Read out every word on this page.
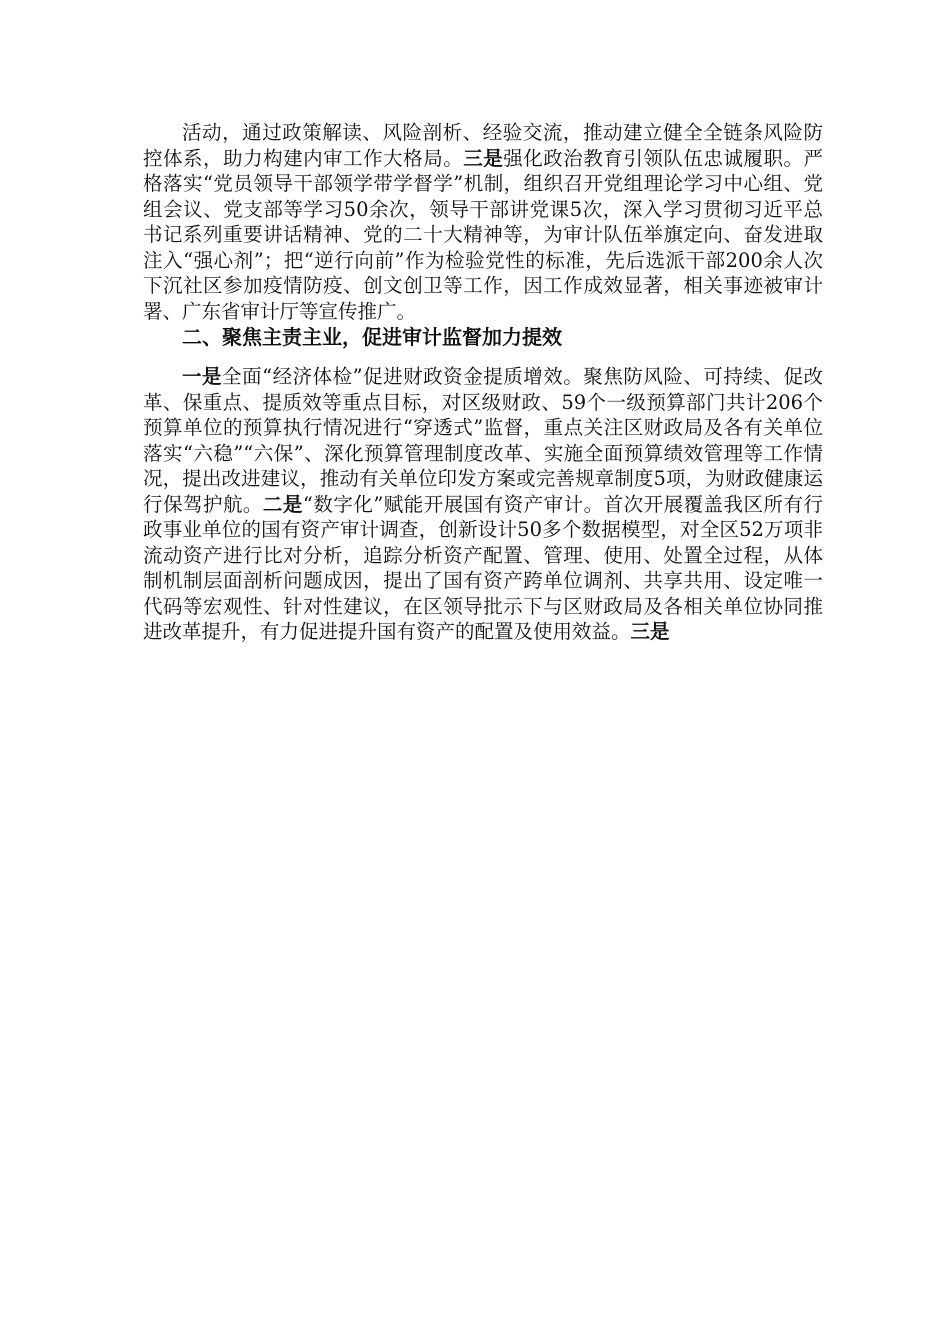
活动，通过政策解读、风险剖析、经验交流，推动建立健全全链条风险防控体系，助力构建内审工作大格局。三是强化政治教育引领队伍忠诚履职。严格落实“党员领导干部领学带学督学”机制，组织召开党组理论学习中心组、党组会议、党支部等学习50余次，领导干部讲党课5次，深入学习贯彻习近平总书记系列重要讲话精神、党的二十大精神等，为审计队伍举旗定向、奋发进取注入“强心剂”；把“逆行向前”作为检验党性的标准，先后选派干部200余人次下沉社区参加疫情防疫、创文创卫等工作，因工作成效显著，相关事迹被审计署、广东省审计厅等宣传推广。

二、聚焦主责主业，促进审计监督加力提效

一是全面“经济体检”促进财政资金提质增效。聚焦防风险、可持续、促改革、保重点、提质效等重点目标，对区级财政、59个一级预算部门共计206个预算单位的预算执行情况进行“穿透式”监督，重点关注区财政局及各有关单位落实“六稳”“六保”、深化预算管理制度改革、实施全面预算绩效管理等工作情况，提出改进建议，推动有关单位印发方案或完善规章制度5项，为财政健康运行保驾护航。二是“数字化”赋能开展国有资产审计。首次开展覆盖我区所有行政事业单位的国有资产审计调查，创新设计50多个数据模型，对全区52万项非流动资产进行比对分析，追踪分析资产配置、管理、使用、处置全过程，从体制机制层面剖析问题成因，提出了国有资产跨单位调剂、共享共用、设定唯一代码等宏观性、针对性建议，在区领导批示下与区财政局及各相关单位协同推进改革提升，有力促进提升国有资产的配置及使用效益。三是
